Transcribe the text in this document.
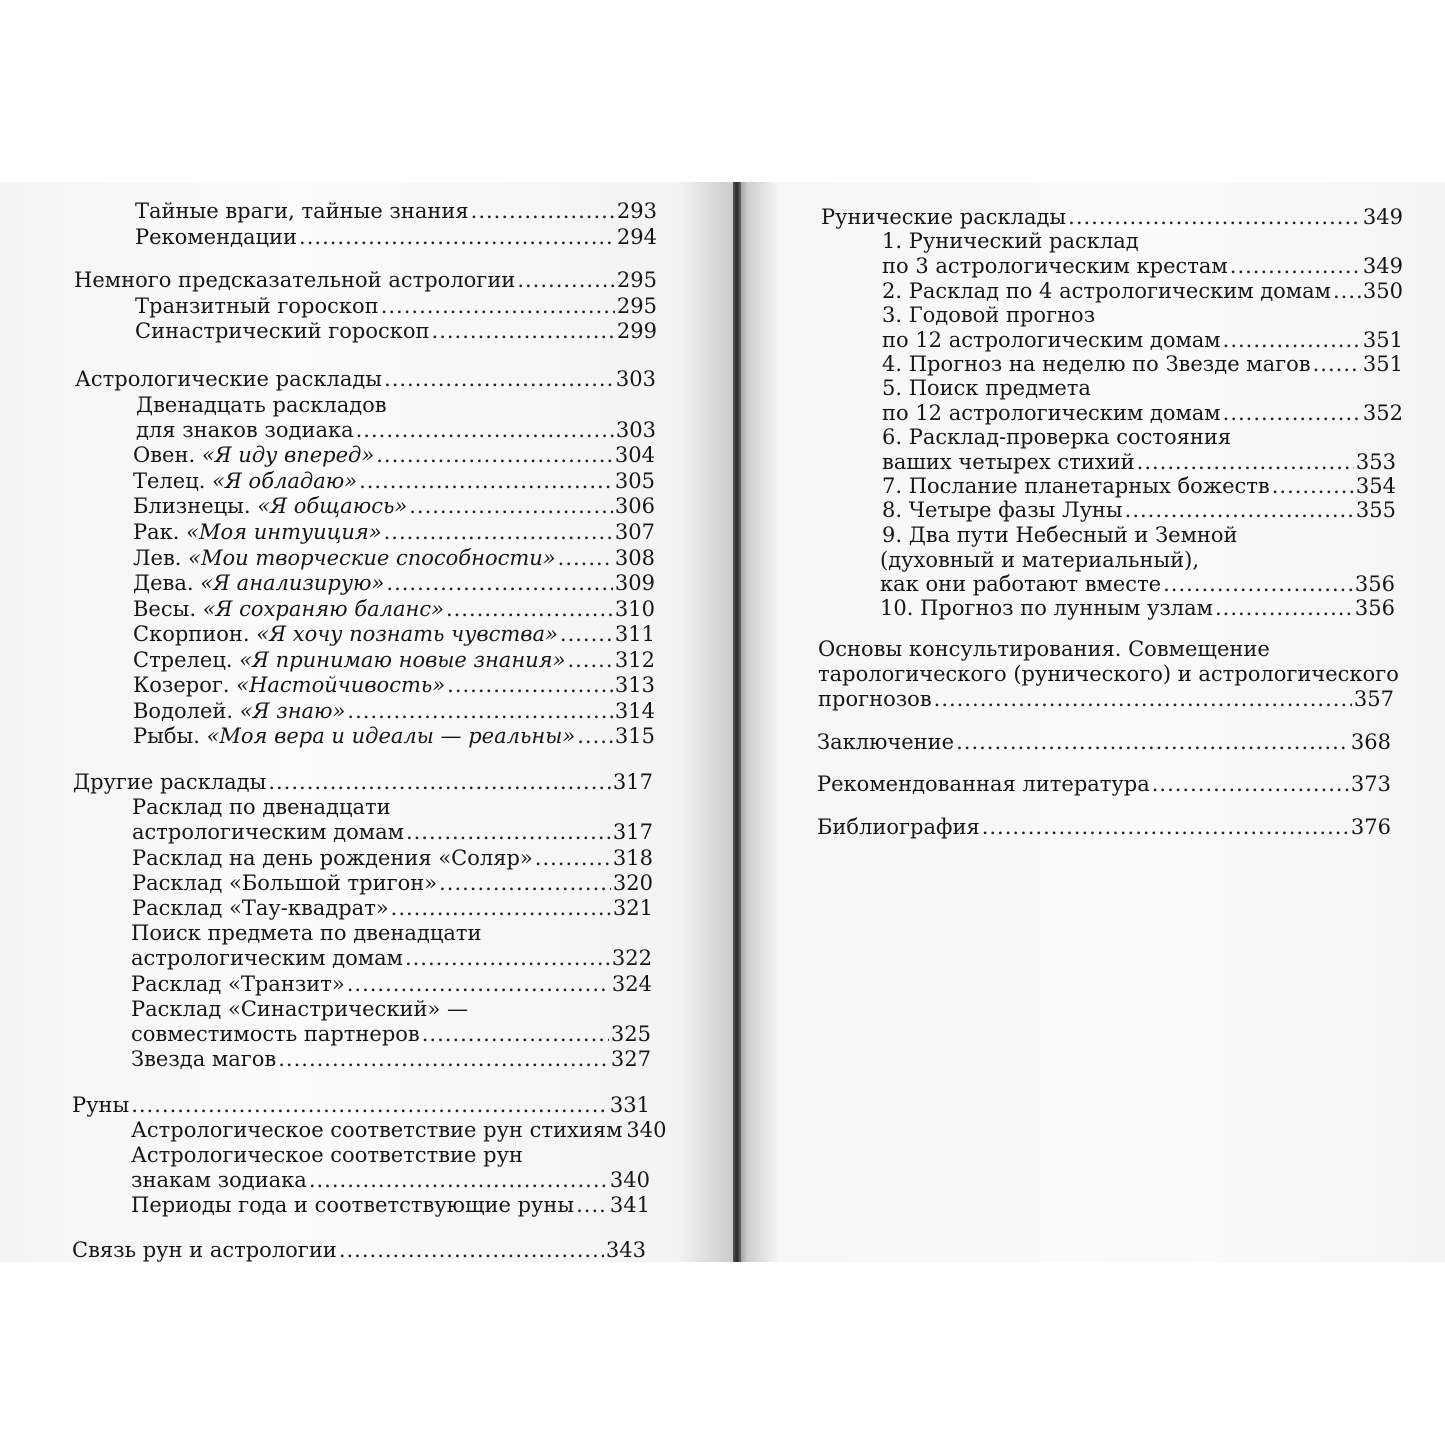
Тайные враги, тайные знания .....	293
Рекомендации .....	294
Немного предсказательной астрологии .....	295
Транзитный гороскоп .....	295
Синастрический гороскоп .....	299
Астрологические расклады .....	303
Двенадцать раскладов
для знаков зодиака .....	303
Овен. «Я иду вперед» .....	304
Телец. «Я обладаю» .....	305
Близнецы. «Я общаюсь» .....	306
Рак. «Моя интуиция» .....	307
Лев. «Мои творческие способности» .....	308
Дева. «Я анализирую» .....	309
Весы. «Я сохраняю баланс» .....	310
Скорпион. «Я хочу познать чувства» .....	311
Стрелец. «Я принимаю новые знания» ..... 312
Козерог. «Настойчивость» .....	313
Водолей. «Я знаю» .....	314
Рыбы. «Моя вера и идеалы — реальны» ..... 315
Другие расклады .....	317
Расклад по двенадцати
астрологическим домам .....	317
Расклад на день рождения «Соляр» .....	318
Расклад «Большой тригон» .....	320
Расклад «Тау-квадрат» .....	321
Поиск предмета по двенадцати
астрологическим домам .....	322
Расклад «Транзит» .....	324
Расклад «Синастрический» —
совместимость партнеров .....	325
Звезда магов .....	327
Руны .....	331
Астрологическое соответствие рун стихиям 340
Астрологическое соответствие рун
знакам зодиака .....	340
Периоды года и соответствующие руны ..... 341
Связь рун и астрологии .....	343
Рунические расклады .....	349
1. Рунический расклад
по 3 астрологическим крестам .....	349
2. Расклад по 4 астрологическим домам ..... 350
3. Годовой прогноз
по 12 астрологическим домам .....	351
4. Прогноз на неделю по Звезде магов ..... 351
5. Поиск предмета
по 12 астрологическим домам .....	352
6. Расклад-проверка состояния
ваших четырех стихий .....	353
7. Послание планетарных божеств .....	354
8. Четыре фазы Луны .....	355
9. Два пути Небесный и Земной
(духовный и материальный),
как они работают вместе .....	356
10. Прогноз по лунным узлам .....	356
Основы консультирования. Совмещение
тарологического (рунического) и астрологического
прогнозов .....	357
Заключение .....	368
Рекомендованная литература .....	373
Библиография .....	376
